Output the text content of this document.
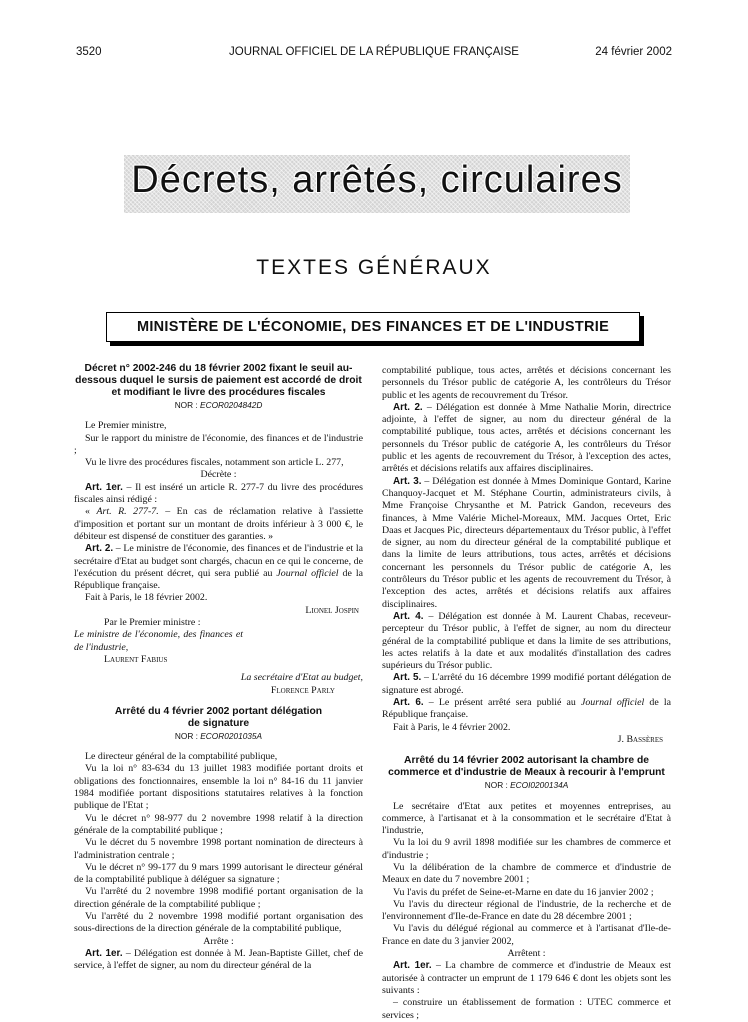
3520	JOURNAL OFFICIEL DE LA RÉPUBLIQUE FRANÇAISE	24 février 2002
Décrets, arrêtés, circulaires
TEXTES GÉNÉRAUX
MINISTÈRE DE L'ÉCONOMIE, DES FINANCES ET DE L'INDUSTRIE

Décret n° 2002-246 du 18 février 2002 fixant le seuil au-dessous duquel le sursis de paiement est accordé de droit et modifiant le livre des procédures fiscales

NOR : ECOR0204842D

Le Premier ministre,

Sur le rapport du ministre de l'économie, des finances et de l'industrie ;

Vu le livre des procédures fiscales, notamment son article L. 277,

Décrète :

Art. 1er. – Il est inséré un article R. 277-7 du livre des procédures fiscales ainsi rédigé :

« Art. R. 277-7. – En cas de réclamation relative à l'assiette d'imposition et portant sur un montant de droits inférieur à 3 000 €, le débiteur est dispensé de constituer des garanties. »

Art. 2. – Le ministre de l'économie, des finances et de l'industrie et la secrétaire d'Etat au budget sont chargés, chacun en ce qui le concerne, de l'exécution du présent décret, qui sera publié au Journal officiel de la République française.

Fait à Paris, le 18 février 2002.

Lionel Jospin

Par le Premier ministre :

Le ministre de l'économie, des finances et de l'industrie,

Laurent Fabius

La secrétaire d'Etat au budget,

Florence Parly

Arrêté du 4 février 2002 portant délégation de signature

NOR : ECOR0201035A

Le directeur général de la comptabilité publique,

Vu la loi n° 83-634 du 13 juillet 1983 modifiée portant droits et obligations des fonctionnaires, ensemble la loi n° 84-16 du 11 janvier 1984 modifiée portant dispositions statutaires relatives à la fonction publique de l'Etat ;

Vu le décret n° 98-977 du 2 novembre 1998 relatif à la direction générale de la comptabilité publique ;

Vu le décret du 5 novembre 1998 portant nomination de directeurs à l'administration centrale ;

Vu le décret n° 99-177 du 9 mars 1999 autorisant le directeur général de la comptabilité publique à déléguer sa signature ;

Vu l'arrêté du 2 novembre 1998 modifié portant organisation de la direction générale de la comptabilité publique ;

Vu l'arrêté du 2 novembre 1998 modifié portant organisation des sous-directions de la direction générale de la comptabilité publique,

Arrête :

Art. 1er. – Délégation est donnée à M. Jean-Baptiste Gillet, chef de service, à l'effet de signer, au nom du directeur général de la

comptabilité publique, tous actes, arrêtés et décisions concernant les personnels du Trésor public de catégorie A, les contrôleurs du Trésor public et les agents de recouvrement du Trésor.

Art. 2. – Délégation est donnée à Mme Nathalie Morin, directrice adjointe, à l'effet de signer, au nom du directeur général de la comptabilité publique, tous actes, arrêtés et décisions concernant les personnels du Trésor public de catégorie A, les contrôleurs du Trésor public et les agents de recouvrement du Trésor, à l'exception des actes, arrêtés et décisions relatifs aux affaires disciplinaires.

Art. 3. – Délégation est donnée à Mmes Dominique Gontard, Karine Chanquoy-Jacquet et M. Stéphane Courtin, administrateurs civils, à Mme Françoise Chrysanthe et M. Patrick Gandon, receveurs des finances, à Mme Valérie Michel-Moreaux, MM. Jacques Ortet, Eric Daas et Jacques Pic, directeurs départementaux du Trésor public, à l'effet de signer, au nom du directeur général de la comptabilité publique et dans la limite de leurs attributions, tous actes, arrêtés et décisions concernant les personnels du Trésor public de catégorie A, les contrôleurs du Trésor public et les agents de recouvrement du Trésor, à l'exception des actes, arrêtés et décisions relatifs aux affaires disciplinaires.

Art. 4. – Délégation est donnée à M. Laurent Chabas, receveur-percepteur du Trésor public, à l'effet de signer, au nom du directeur général de la comptabilité publique et dans la limite de ses attributions, les actes relatifs à la date et aux modalités d'installation des cadres supérieurs du Trésor public.

Art. 5. – L'arrêté du 16 décembre 1999 modifié portant délégation de signature est abrogé.

Art. 6. – Le présent arrêté sera publié au Journal officiel de la République française.

Fait à Paris, le 4 février 2002.

J. Bassères

Arrêté du 14 février 2002 autorisant la chambre de commerce et d'industrie de Meaux à recourir à l'emprunt

NOR : ECOI0200134A

Le secrétaire d'Etat aux petites et moyennes entreprises, au commerce, à l'artisanat et à la consommation et le secrétaire d'Etat à l'industrie,

Vu la loi du 9 avril 1898 modifiée sur les chambres de commerce et d'industrie ;

Vu la délibération de la chambre de commerce et d'industrie de Meaux en date du 7 novembre 2001 ;

Vu l'avis du préfet de Seine-et-Marne en date du 16 janvier 2002 ;

Vu l'avis du directeur régional de l'industrie, de la recherche et de l'environnement d'Ile-de-France en date du 28 décembre 2001 ;

Vu l'avis du délégué régional au commerce et à l'artisanat d'Ile-de-France en date du 3 janvier 2002,

Arrêtent :

Art. 1er. – La chambre de commerce et d'industrie de Meaux est autorisée à contracter un emprunt de 1 179 646 € dont les objets sont les suivants :

– construire un établissement de formation : UTEC commerce et services ;
